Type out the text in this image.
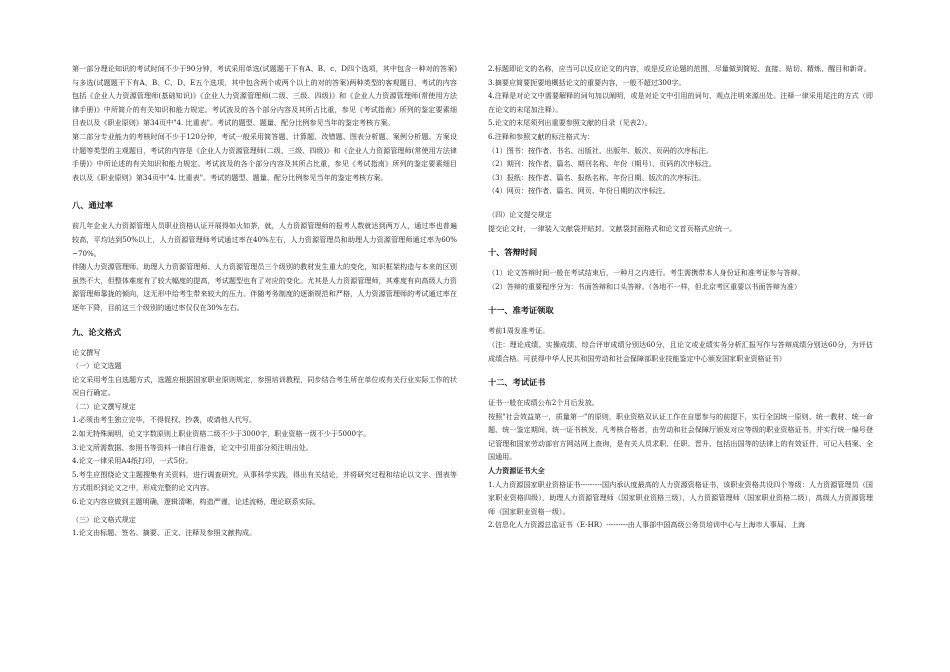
第一部分理论知识的考试时间不少于90分钟，考试采用单选(试题题干下有A、B、c、D四个选项，其中包含一种对的答案)与多选(试题题干下有A、B、C、D、E五个选项，其中包含两个或两个以上的对的答案)两种类型的客观题目，考试的内容包括《企业人力资源管理师(基础知识)》《企业人力资源管理师(二级、三级、四级)》和《企业人力资源管理师(常使用方法律手册)》中所简介的有关知识和能力规定。考试波及的各个部分内容及其所占比重，参见《考试指南》所列的鉴定要素细目表以及《职业原则》第34页中"4. 比重表"。考试的题型、题量、配分比例参见当年的鉴定考核方案。

第二部分专业能力的考核时间不少于120分钟，考试一般采用简答题、计算题、改错题、图表分析题、案例分析题、方案设计题等类型的主观题目，考试的内容是《企业人力资源管理师(二级、三级、四级)》和《企业人力资源管理师(常使用方法律手册)》中所论述的有关知识和能力规定。考试波及的各个部分内容及其所占比重，参见《考试指南》所列的鉴定要素细目表以及《职业原则》第34页中"4. 比重表"。考试的题型、题量、配分比例参见当年的鉴定考核方案。

八、通过率

前几年企业人力资源管理人员职业资格认证开展得如火如荼，就，人力资源管理师的报考人数就达到两万人，通过率也普遍较高，平均达到50%以上，人力资源管理师考试通过率在40%左右，人力资源管理员和助理人力资源管理师通过率为60%~70%。

伴随人力资源管理师、助理人力资源管理师、人力资源管理员三个级别的教材发生重大的变化，知识框架构造与本来的区别虽然不大，但整体难度有了较大幅度的提高，考试题型也有了对应的变化。尤其是人力资源管理师，其难度有向高级人力资源管理师靠拢的倾向，这无形中给考生带来较大的压力。伴随考务制度的逐渐规范和严格，人力资源管理师的考试通过率在逐年下降，目前这三个级别的通过率仅仅在30%左右。

九、论文格式

论文撰写

（一）论文选题

论文采用考生自选题方式，选题应根据国家职业原则规定，参照培训教程，同步结合考生所在单位或有关行业实际工作的状况自行确定。

（二）论文撰写规定

1.必须由考生独立完毕，不得促权、抄袭，或请他人代写。

2.如无特殊阐明，论文字数原则上职业资格二级不少于3000字，职业资格一级不少于5000字。

3.论文所需数据、参照书等资料一律自行准备，论文中引用部分须注明出处。

4.论文一律采用A4纸打印，一式5份。

5.考生应围绕论文主题搜集有关资料，进行调查研究，从事科学实践，得出有关结论，并将研究过程和结论以文字、图表等方式组织到论文之中，形成完整的论文内容。

6.论文内容应做到主题明确，逻辑清晰，构造严谨，论述流畅，理论联系实际。

（三）论文格式规定

1.论文由标题、签名、摘要、正文、注释及参照文献构成。

2.标题即论文的名称，应当可以反应论文的内容，或是反应论题的范围，尽量做到简短、直接、贴切、精炼、醒目和新奇。

3.摘要应简要扼要地概括论文的重要内容，一般不超过300字。

4.注释是对论文中需要解释的词句加以阐明，或是对论文中引用的词句、观点注明来源出处。注释一律采用尾注的方式（即在论文的末尾加注释）。

5.论文的末尾须列出重要参照文献的目录（见表2）。

6.注释和参照文献的标注格式为：

（1）图书：按作者、书名、出版社、出版年、版次、页码的次序标注。

（2）期刊：按作者、篇名、期刊名称、年份（期号）、页码的次序标注。

（3）报纸：按作者、篇名、报纸名称、年份日期、版次的次序标注。

（4）网页：按作者、篇名、网页、年份日期的次序标注。

（四）论文提交规定

提交论文时，一律装入文献袋并贴封。文献袋封面格式和论文首页格式应统一。

十、答辩时间

（1）论文答辩时间一般在考试结束后，一种月之内进行。考生需携带本人身份证和准考证参与答辩。

（2）答辩的重要程序分为：书面答辩和口头答辩。（各地不一样，但北京考区重要以书面答辩为准）

十一、准考证领取

考前1周发准考证。

（注：理论成绩、实操成绩、综合评审成绩分别达60分，且论文或业绩实务分析汇报写作与答辩成绩分别达60分，为评估成绩合格。可获得中华人民共和国劳动和社会保障部职业技能鉴定中心颁发国家职业资格证书）

十二、考试证书

证书一般在成绩公布2个月后发放。

按照"社会效益第一，质量第一"的原则，职业资格双认证工作在自愿参与的前提下，实行全国统一原则、统一教材、统一命题、统一鉴定期间，统一证书核发，凡考核合格者，由劳动和社会保障厅颁发对应等级的职业资格证书，并实行统一编号登记管理和国家劳动部官方网站网上查询，是有关人员求职、任职、晋升、包括出国等的法律上的有效证件，可记入档案、全国通用。

人力资源证书大全

1.人力资源国家职业资格证书---------国内承认度最高的人力资源资格证书，该职业资格共设四个等级：人力资源管理员（国家职业资格四级），助理人力资源管理师（国家职业资格三级），人力资源管理师（国家职业资格二级），高级人力资源管理师（国家职业资格一级）。

2.信息化人力资源总监证书（E-HR）---------由人事部中国高级公务员培训中心与上海市人事局、上海
